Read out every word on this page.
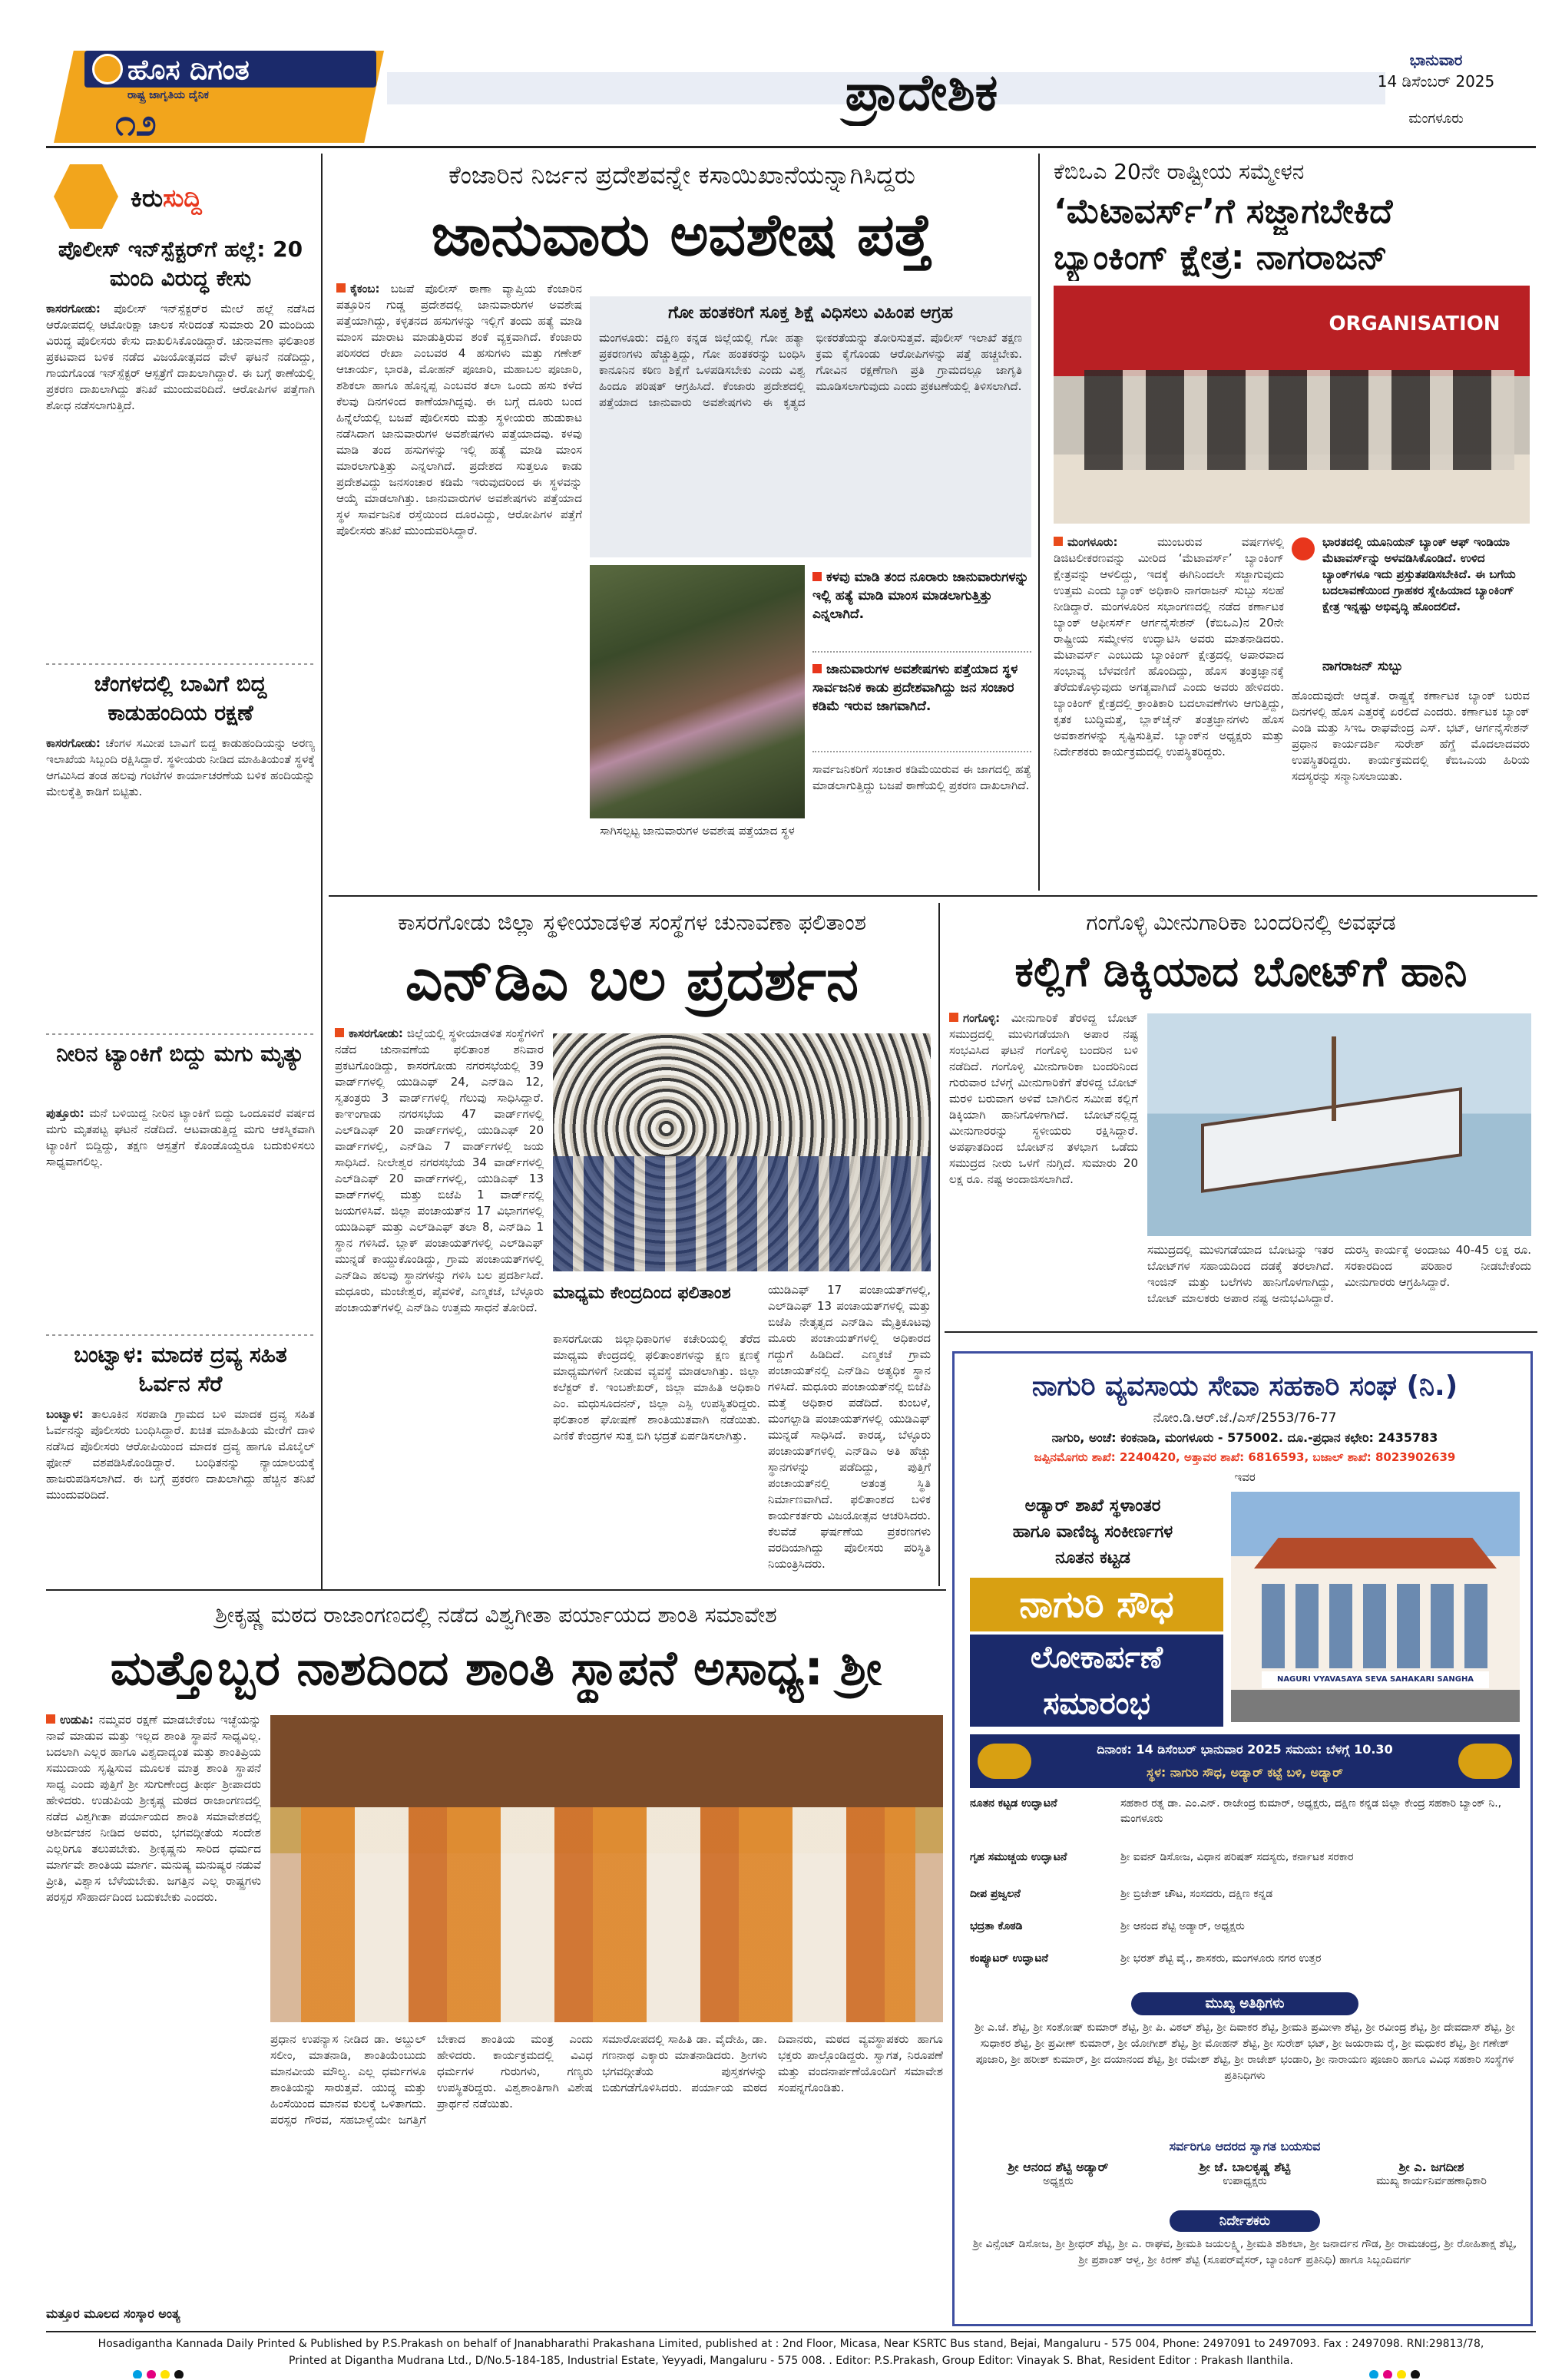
ಹೊಸ ದಿಗಂತ
ರಾಷ್ಟ್ರ ಜಾಗೃತಿಯ ದೈನಿಕ
೧೨
ಪ್ರಾದೇಶಿಕ
ಭಾನುವಾರ
14 ಡಿಸೆಂಬರ್ 2025
ಮಂಗಳೂರು
ಕಿರುಸುದ್ದಿ
ಪೊಲೀಸ್ ಇನ್‌ಸ್ಪೆಕ್ಟರ್‌ಗೆ ಹಲ್ಲೆ: 20 ಮಂದಿ ವಿರುದ್ಧ ಕೇಸು
ಕಾಸರಗೋಡು: ಪೊಲೀಸ್ ಇನ್‌ಸ್ಪೆಕ್ಟರ್‌ರ ಮೇಲೆ ಹಲ್ಲೆ ನಡೆಸಿದ ಆರೋಪದಲ್ಲಿ ಆಟೋರಿಕ್ಷಾ ಚಾಲಕ ಸೇರಿದಂತೆ ಸುಮಾರು 20 ಮಂದಿಯ ವಿರುದ್ಧ ಪೊಲೀಸರು ಕೇಸು ದಾಖಲಿಸಿಕೊಂಡಿದ್ದಾರೆ. ಚುನಾವಣಾ ಫಲಿತಾಂಶ ಪ್ರಕಟವಾದ ಬಳಿಕ ನಡೆದ ವಿಜಯೋತ್ಸವದ ವೇಳೆ ಘಟನೆ ನಡೆದಿದ್ದು, ಗಾಯಗೊಂಡ ಇನ್‌ಸ್ಪೆಕ್ಟರ್ ಆಸ್ಪತ್ರೆಗೆ ದಾಖಲಾಗಿದ್ದಾರೆ. ಈ ಬಗ್ಗೆ ಠಾಣೆಯಲ್ಲಿ ಪ್ರಕರಣ ದಾಖಲಾಗಿದ್ದು ತನಿಖೆ ಮುಂದುವರಿದಿದೆ. ಆರೋಪಿಗಳ ಪತ್ತೆಗಾಗಿ ಶೋಧ ನಡೆಸಲಾಗುತ್ತಿದೆ.
ಚೆಂಗಳದಲ್ಲಿ ಬಾವಿಗೆ ಬಿದ್ದ ಕಾಡುಹಂದಿಯ ರಕ್ಷಣೆ
ಕಾಸರಗೋಡು: ಚೆಂಗಳ ಸಮೀಪ ಬಾವಿಗೆ ಬಿದ್ದ ಕಾಡುಹಂದಿಯನ್ನು ಅರಣ್ಯ ಇಲಾಖೆಯ ಸಿಬ್ಬಂದಿ ರಕ್ಷಿಸಿದ್ದಾರೆ. ಸ್ಥಳೀಯರು ನೀಡಿದ ಮಾಹಿತಿಯಂತೆ ಸ್ಥಳಕ್ಕೆ ಆಗಮಿಸಿದ ತಂಡ ಹಲವು ಗಂಟೆಗಳ ಕಾರ್ಯಾಚರಣೆಯ ಬಳಿಕ ಹಂದಿಯನ್ನು ಮೇಲಕ್ಕೆತ್ತಿ ಕಾಡಿಗೆ ಬಿಟ್ಟಿತು.
ನೀರಿನ ಟ್ಯಾಂಕಿಗೆ ಬಿದ್ದು ಮಗು ಮೃತ್ಯು
ಪುತ್ತೂರು: ಮನೆ ಬಳಿಯಿದ್ದ ನೀರಿನ ಟ್ಯಾಂಕಿಗೆ ಬಿದ್ದು ಒಂದೂವರೆ ವರ್ಷದ ಮಗು ಮೃತಪಟ್ಟ ಘಟನೆ ನಡೆದಿದೆ. ಆಟವಾಡುತ್ತಿದ್ದ ಮಗು ಆಕಸ್ಮಿಕವಾಗಿ ಟ್ಯಾಂಕಿಗೆ ಬಿದ್ದಿದ್ದು, ತಕ್ಷಣ ಆಸ್ಪತ್ರೆಗೆ ಕೊಂಡೊಯ್ದರೂ ಬದುಕುಳಿಸಲು ಸಾಧ್ಯವಾಗಲಿಲ್ಲ.
ಬಂಟ್ವಾಳ: ಮಾದಕ ದ್ರವ್ಯ ಸಹಿತ ಓರ್ವನ ಸೆರೆ
ಬಂಟ್ವಾಳ: ತಾಲೂಕಿನ ಸರಪಾಡಿ ಗ್ರಾಮದ ಬಳಿ ಮಾದಕ ದ್ರವ್ಯ ಸಹಿತ ಓರ್ವನನ್ನು ಪೊಲೀಸರು ಬಂಧಿಸಿದ್ದಾರೆ. ಖಚಿತ ಮಾಹಿತಿಯ ಮೇರೆಗೆ ದಾಳಿ ನಡೆಸಿದ ಪೊಲೀಸರು ಆರೋಪಿಯಿಂದ ಮಾದಕ ದ್ರವ್ಯ ಹಾಗೂ ಮೊಬೈಲ್ ಫೋನ್ ವಶಪಡಿಸಿಕೊಂಡಿದ್ದಾರೆ. ಬಂಧಿತನನ್ನು ನ್ಯಾಯಾಲಯಕ್ಕೆ ಹಾಜರುಪಡಿಸಲಾಗಿದೆ. ಈ ಬಗ್ಗೆ ಪ್ರಕರಣ ದಾಖಲಾಗಿದ್ದು ಹೆಚ್ಚಿನ ತನಿಖೆ ಮುಂದುವರಿದಿದೆ.
ಕೆಂಜಾರಿನ ನಿರ್ಜನ ಪ್ರದೇಶವನ್ನೇ ಕಸಾಯಿಖಾನೆಯನ್ನಾಗಿಸಿದ್ದರು
ಜಾನುವಾರು ಅವಶೇಷ ಪತ್ತೆ
ಕೈಕಂಬ: ಬಜಪೆ ಪೊಲೀಸ್ ಠಾಣಾ ವ್ಯಾಪ್ತಿಯ ಕೆಂಜಾರಿನ ಪತ್ತೂರಿನ ಗುಡ್ಡ ಪ್ರದೇಶದಲ್ಲಿ ಜಾನುವಾರುಗಳ ಅವಶೇಷ ಪತ್ತೆಯಾಗಿದ್ದು, ಕಳ್ಳತನದ ಹಸುಗಳನ್ನು ಇಲ್ಲಿಗೆ ತಂದು ಹತ್ಯೆ ಮಾಡಿ ಮಾಂಸ ಮಾರಾಟ ಮಾಡುತ್ತಿರುವ ಶಂಕೆ ವ್ಯಕ್ತವಾಗಿದೆ. ಕೆಂಜಾರು ಪರಿಸರದ ರೇಖಾ ಎಂಬವರ 4 ಹಸುಗಳು ಮತ್ತು ಗಣೇಶ್ ಆಚಾರ್ಯ, ಭಾರತಿ, ಮೋಹನ್ ಪೂಜಾರಿ, ಮಹಾಬಲ ಪೂಜಾರಿ, ಶಶಿಕಲಾ ಹಾಗೂ ಹೊನ್ನಪ್ಪ ಎಂಬವರ ತಲಾ ಒಂದು ಹಸು ಕಳೆದ ಕೆಲವು ದಿನಗಳಿಂದ ಕಾಣೆಯಾಗಿದ್ದವು. ಈ ಬಗ್ಗೆ ದೂರು ಬಂದ ಹಿನ್ನೆಲೆಯಲ್ಲಿ ಬಜಪೆ ಪೊಲೀಸರು ಮತ್ತು ಸ್ಥಳೀಯರು ಹುಡುಕಾಟ ನಡೆಸಿದಾಗ ಜಾನುವಾರುಗಳ ಅವಶೇಷಗಳು ಪತ್ತೆಯಾದವು. ಕಳವು ಮಾಡಿ ತಂದ ಹಸುಗಳನ್ನು ಇಲ್ಲಿ ಹತ್ಯೆ ಮಾಡಿ ಮಾಂಸ ಮಾರಲಾಗುತ್ತಿತ್ತು ಎನ್ನಲಾಗಿದೆ. ಪ್ರದೇಶದ ಸುತ್ತಲೂ ಕಾಡು ಪ್ರದೇಶವಿದ್ದು ಜನಸಂಚಾರ ಕಡಿಮೆ ಇರುವುದರಿಂದ ಈ ಸ್ಥಳವನ್ನು ಆಯ್ಕೆ ಮಾಡಲಾಗಿತ್ತು. ಜಾನುವಾರುಗಳ ಅವಶೇಷಗಳು ಪತ್ತೆಯಾದ ಸ್ಥಳ ಸಾರ್ವಜನಿಕ ರಸ್ತೆಯಿಂದ ದೂರವಿದ್ದು, ಆರೋಪಿಗಳ ಪತ್ತೆಗೆ ಪೊಲೀಸರು ತನಿಖೆ ಮುಂದುವರಿಸಿದ್ದಾರೆ.
ಗೋ ಹಂತಕರಿಗೆ ಸೂಕ್ತ ಶಿಕ್ಷೆ ವಿಧಿಸಲು ವಿಹಿಂಪ ಆಗ್ರಹ
ಮಂಗಳೂರು: ದಕ್ಷಿಣ ಕನ್ನಡ ಜಿಲ್ಲೆಯಲ್ಲಿ ಗೋ ಹತ್ಯಾ ಪ್ರಕರಣಗಳು ಹೆಚ್ಚುತ್ತಿದ್ದು, ಗೋ ಹಂತಕರನ್ನು ಬಂಧಿಸಿ ಕಾನೂನಿನ ಕಠಿಣ ಶಿಕ್ಷೆಗೆ ಒಳಪಡಿಸಬೇಕು ಎಂದು ವಿಶ್ವ ಹಿಂದೂ ಪರಿಷತ್ ಆಗ್ರಹಿಸಿದೆ. ಕೆಂಜಾರು ಪ್ರದೇಶದಲ್ಲಿ ಪತ್ತೆಯಾದ ಜಾನುವಾರು ಅವಶೇಷಗಳು ಈ ಕೃತ್ಯದ ಭೀಕರತೆಯನ್ನು ತೋರಿಸುತ್ತವೆ. ಪೊಲೀಸ್ ಇಲಾಖೆ ತಕ್ಷಣ ಕ್ರಮ ಕೈಗೊಂಡು ಆರೋಪಿಗಳನ್ನು ಪತ್ತೆ ಹಚ್ಚಬೇಕು. ಗೋವಿನ ರಕ್ಷಣೆಗಾಗಿ ಪ್ರತಿ ಗ್ರಾಮದಲ್ಲೂ ಜಾಗೃತಿ ಮೂಡಿಸಲಾಗುವುದು ಎಂದು ಪ್ರಕಟಣೆಯಲ್ಲಿ ತಿಳಿಸಲಾಗಿದೆ.
ಸಾಗಿಸಲ್ಪಟ್ಟ ಜಾನುವಾರುಗಳ ಅವಶೇಷ ಪತ್ತೆಯಾದ ಸ್ಥಳ
ಕಳವು ಮಾಡಿ ತಂದ ನೂರಾರು ಜಾನುವಾರುಗಳನ್ನು ಇಲ್ಲಿ ಹತ್ಯೆ ಮಾಡಿ ಮಾಂಸ ಮಾಡಲಾಗುತ್ತಿತ್ತು ಎನ್ನಲಾಗಿದೆ.
ಜಾನುವಾರುಗಳ ಅವಶೇಷಗಳು ಪತ್ತೆಯಾದ ಸ್ಥಳ ಸಾರ್ವಜನಿಕ ಕಾಡು ಪ್ರದೇಶವಾಗಿದ್ದು ಜನ ಸಂಚಾರ ಕಡಿಮೆ ಇರುವ ಜಾಗವಾಗಿದೆ.
ಸಾರ್ವಜನಿಕರಿಗೆ ಸಂಚಾರ ಕಡಿಮೆಯಿರುವ ಈ ಜಾಗದಲ್ಲಿ ಹತ್ಯೆ ಮಾಡಲಾಗುತ್ತಿದ್ದು ಬಜಪೆ ಠಾಣೆಯಲ್ಲಿ ಪ್ರಕರಣ ದಾಖಲಾಗಿದೆ.
ಕೆಬಿಒಎ 20ನೇ ರಾಷ್ಟ್ರೀಯ ಸಮ್ಮೇಳನ
‘ಮೆಟಾವರ್ಸ್’ಗೆ ಸಜ್ಜಾಗಬೇಕಿದೆ
ಬ್ಯಾಂಕಿಂಗ್ ಕ್ಷೇತ್ರ: ನಾಗರಾಜನ್
ORGANISATION
ಮಂಗಳೂರು:	ಮುಂಬರುವ ವರ್ಷಗಳಲ್ಲಿ ಡಿಜಿಟಲೀಕರಣವನ್ನು ಮೀರಿದ ‘ಮೆಟಾವರ್ಸ್’ ಬ್ಯಾಂಕಿಂಗ್ ಕ್ಷೇತ್ರವನ್ನು ಆಳಲಿದ್ದು, ಇದಕ್ಕೆ ಈಗಿನಿಂದಲೇ ಸಜ್ಜಾಗುವುದು ಉತ್ತಮ ಎಂದು ಬ್ಯಾಂಕ್ ಅಧಿಕಾರಿ ನಾಗರಾಜನ್ ಸುಬ್ಬು ಸಲಹೆ ನೀಡಿದ್ದಾರೆ. ಮಂಗಳೂರಿನ ಸಭಾಂಗಣದಲ್ಲಿ ನಡೆದ ಕರ್ಣಾಟಕ ಬ್ಯಾಂಕ್ ಆಫೀಸರ್ಸ್ ಆರ್ಗನೈಸೇಶನ್ (ಕೆಬಿಒಎ)ನ 20ನೇ ರಾಷ್ಟ್ರೀಯ ಸಮ್ಮೇಳನ ಉದ್ಘಾಟಿಸಿ ಅವರು ಮಾತನಾಡಿದರು. ಮೆಟಾವರ್ಸ್ ಎಂಬುದು ಬ್ಯಾಂಕಿಂಗ್ ಕ್ಷೇತ್ರದಲ್ಲಿ ಅಪಾರವಾದ ಸಂಭಾವ್ಯ ಬೆಳವಣಿಗೆ ಹೊಂದಿದ್ದು, ಹೊಸ ತಂತ್ರಜ್ಞಾನಕ್ಕೆ ತೆರೆದುಕೊಳ್ಳುವುದು ಅಗತ್ಯವಾಗಿದೆ ಎಂದು ಅವರು ಹೇಳಿದರು. ಬ್ಯಾಂಕಿಂಗ್ ಕ್ಷೇತ್ರದಲ್ಲಿ ಕ್ರಾಂತಿಕಾರಿ ಬದಲಾವಣೆಗಳು ಆಗುತ್ತಿದ್ದು, ಕೃತಕ ಬುದ್ಧಿಮತ್ತೆ, ಬ್ಲಾಕ್‌ಚೈನ್ ತಂತ್ರಜ್ಞಾನಗಳು ಹೊಸ ಅವಕಾಶಗಳನ್ನು ಸೃಷ್ಟಿಸುತ್ತಿವೆ. ಬ್ಯಾಂಕ್‌ನ ಅಧ್ಯಕ್ಷರು ಮತ್ತು ನಿರ್ದೇಶಕರು ಕಾರ್ಯಕ್ರಮದಲ್ಲಿ ಉಪಸ್ಥಿತರಿದ್ದರು.
ಭಾರತದಲ್ಲಿ ಯೂನಿಯನ್ ಬ್ಯಾಂಕ್ ಆಫ್ ಇಂಡಿಯಾ ಮೆಟಾವರ್ಸ್‌ನ್ನು ಅಳವಡಿಸಿಕೊಂಡಿದೆ. ಉಳಿದ ಬ್ಯಾಂಕ್‌ಗಳೂ ಇದು ಪ್ರಸ್ತುತಪಡಿಸಬೇಕಿದೆ. ಈ ಬಗೆಯ ಬದಲಾವಣೆಯಿಂದ ಗ್ರಾಹಕರ ಸ್ನೇಹಿಯಾದ ಬ್ಯಾಂಕಿಂಗ್ ಕ್ಷೇತ್ರ ಇನ್ನಷ್ಟು ಅಭಿವೃದ್ಧಿ ಹೊಂದಲಿದೆ.
ನಾಗರಾಜನ್ ಸುಬ್ಬು
ಹೊಂದುವುದೇ ಆದ್ಯತೆ. ರಾಷ್ಟ್ರಕ್ಕೆ ಕರ್ಣಾಟಕ ಬ್ಯಾಂಕ್ ಬರುವ ದಿನಗಳಲ್ಲಿ ಹೊಸ ಎತ್ತರಕ್ಕೆ ಏರಲಿದೆ ಎಂದರು. ಕರ್ಣಾಟಕ ಬ್ಯಾಂಕ್ ಎಂಡಿ ಮತ್ತು ಸಿಇಒ ರಾಘವೇಂದ್ರ ಎಸ್. ಭಟ್, ಆರ್ಗನೈಸೇಶನ್ ಪ್ರಧಾನ ಕಾರ್ಯದರ್ಶಿ ಸುರೇಶ್ ಹೆಗ್ಡೆ ಮೊದಲಾದವರು ಉಪಸ್ಥಿತರಿದ್ದರು. ಕಾರ್ಯಕ್ರಮದಲ್ಲಿ ಕೆಬಿಒಎಯ ಹಿರಿಯ ಸದಸ್ಯರನ್ನು ಸನ್ಮಾನಿಸಲಾಯಿತು.
ಕಾಸರಗೋಡು ಜಿಲ್ಲಾ ಸ್ಥಳೀಯಾಡಳಿತ ಸಂಸ್ಥೆಗಳ ಚುನಾವಣಾ ಫಲಿತಾಂಶ
ಎನ್‌ಡಿಎ ಬಲ ಪ್ರದರ್ಶನ
ಕಾಸರಗೋಡು: ಜಿಲ್ಲೆಯಲ್ಲಿ ಸ್ಥಳೀಯಾಡಳಿತ ಸಂಸ್ಥೆಗಳಿಗೆ ನಡೆದ ಚುನಾವಣೆಯ ಫಲಿತಾಂಶ ಶನಿವಾರ ಪ್ರಕಟಗೊಂಡಿದ್ದು, ಕಾಸರಗೋಡು ನಗರಸಭೆಯಲ್ಲಿ 39 ವಾರ್ಡ್‌ಗಳಲ್ಲಿ ಯುಡಿಎಫ್ 24, ಎನ್‌ಡಿಎ 12, ಸ್ವತಂತ್ರರು 3 ವಾರ್ಡ್‌ಗಳಲ್ಲಿ ಗೆಲುವು ಸಾಧಿಸಿದ್ದಾರೆ. ಕಾಞಂಗಾಡು ನಗರಸಭೆಯ 47 ವಾರ್ಡ್‌ಗಳಲ್ಲಿ ಎಲ್‌ಡಿಎಫ್ 20 ವಾರ್ಡ್‌ಗಳಲ್ಲಿ, ಯುಡಿಎಫ್ 20 ವಾರ್ಡ್‌ಗಳಲ್ಲಿ, ಎನ್‌ಡಿಎ 7 ವಾರ್ಡ್‌ಗಳಲ್ಲಿ ಜಯ ಸಾಧಿಸಿದೆ. ನೀಲೇಶ್ವರ ನಗರಸಭೆಯ 34 ವಾರ್ಡ್‌ಗಳಲ್ಲಿ ಎಲ್‌ಡಿಎಫ್ 20 ವಾರ್ಡ್‌ಗಳಲ್ಲಿ, ಯುಡಿಎಫ್ 13 ವಾರ್ಡ್‌ಗಳಲ್ಲಿ ಮತ್ತು ಬಿಜೆಪಿ 1 ವಾರ್ಡ್‌ನಲ್ಲಿ ಜಯಗಳಿಸಿವೆ. ಜಿಲ್ಲಾ ಪಂಚಾಯತ್‌ನ 17 ವಿಭಾಗಗಳಲ್ಲಿ ಯುಡಿಎಫ್ ಮತ್ತು ಎಲ್‌ಡಿಎಫ್ ತಲಾ 8, ಎನ್‌ಡಿಎ 1 ಸ್ಥಾನ ಗಳಿಸಿದೆ. ಬ್ಲಾಕ್ ಪಂಚಾಯತ್‌ಗಳಲ್ಲಿ ಎಲ್‌ಡಿಎಫ್ ಮುನ್ನಡೆ ಕಾಯ್ದುಕೊಂಡಿದ್ದು, ಗ್ರಾಮ ಪಂಚಾಯತ್‌ಗಳಲ್ಲಿ ಎನ್‌ಡಿಎ ಹಲವು ಸ್ಥಾನಗಳನ್ನು ಗಳಿಸಿ ಬಲ ಪ್ರದರ್ಶಿಸಿದೆ. ಮಧೂರು, ಮಂಜೇಶ್ವರ, ಪೈವಳಿಕೆ, ಎಣ್ಮಕಜೆ, ಬೆಳ್ಳೂರು ಪಂಚಾಯತ್‌ಗಳಲ್ಲಿ ಎನ್‌ಡಿಎ ಉತ್ತಮ ಸಾಧನೆ ತೋರಿದೆ.
ಮಾಧ್ಯಮ ಕೇಂದ್ರದಿಂದ ಫಲಿತಾಂಶ
ಕಾಸರಗೋಡು ಜಿಲ್ಲಾಧಿಕಾರಿಗಳ ಕಚೇರಿಯಲ್ಲಿ ತೆರೆದ ಮಾಧ್ಯಮ ಕೇಂದ್ರದಲ್ಲಿ ಫಲಿತಾಂಶಗಳನ್ನು ಕ್ಷಣ ಕ್ಷಣಕ್ಕೆ ಮಾಧ್ಯಮಗಳಿಗೆ ನೀಡುವ ವ್ಯವಸ್ಥೆ ಮಾಡಲಾಗಿತ್ತು. ಜಿಲ್ಲಾ ಕಲೆಕ್ಟರ್ ಕೆ. ಇಂಬಶೇಖರ್, ಜಿಲ್ಲಾ ಮಾಹಿತಿ ಅಧಿಕಾರಿ ಎಂ. ಮಧುಸೂದನನ್, ಜಿಲ್ಲಾ ಎಸ್ಪಿ ಉಪಸ್ಥಿತರಿದ್ದರು. ಫಲಿತಾಂಶ ಘೋಷಣೆ ಶಾಂತಿಯುತವಾಗಿ ನಡೆಯಿತು. ಎಣಿಕೆ ಕೇಂದ್ರಗಳ ಸುತ್ತ ಬಿಗಿ ಭದ್ರತೆ ಏರ್ಪಡಿಸಲಾಗಿತ್ತು.
ಯುಡಿಎಫ್ 17 ಪಂಚಾಯತ್‌ಗಳಲ್ಲಿ, ಎಲ್‌ಡಿಎಫ್ 13 ಪಂಚಾಯತ್‌ಗಳಲ್ಲಿ ಮತ್ತು ಬಿಜೆಪಿ ನೇತೃತ್ವದ ಎನ್‌ಡಿಎ ಮೈತ್ರಿಕೂಟವು ಮೂರು ಪಂಚಾಯತ್‌ಗಳಲ್ಲಿ ಅಧಿಕಾರದ ಗದ್ದುಗೆ ಹಿಡಿದಿದೆ. ಎಣ್ಮಕಜೆ ಗ್ರಾಮ ಪಂಚಾಯತ್‌ನಲ್ಲಿ ಎನ್‌ಡಿಎ ಅತ್ಯಧಿಕ ಸ್ಥಾನ ಗಳಿಸಿದೆ. ಮಧೂರು ಪಂಚಾಯತ್‌ನಲ್ಲಿ ಬಿಜೆಪಿ ಮತ್ತೆ ಅಧಿಕಾರ ಪಡೆದಿದೆ. ಕುಂಬಳೆ, ಮಂಗಲ್ಪಾಡಿ ಪಂಚಾಯತ್‌ಗಳಲ್ಲಿ ಯುಡಿಎಫ್ ಮುನ್ನಡೆ ಸಾಧಿಸಿದೆ. ಕಾರಡ್ಕ, ಬೆಳ್ಳೂರು ಪಂಚಾಯತ್‌ಗಳಲ್ಲಿ ಎನ್‌ಡಿಎ ಅತಿ ಹೆಚ್ಚು ಸ್ಥಾನಗಳನ್ನು ಪಡೆದಿದ್ದು, ಪುತ್ತಿಗೆ ಪಂಚಾಯತ್‌ನಲ್ಲಿ ಅತಂತ್ರ ಸ್ಥಿತಿ ನಿರ್ಮಾಣವಾಗಿದೆ. ಫಲಿತಾಂಶದ ಬಳಿಕ ಕಾರ್ಯಕರ್ತರು ವಿಜಯೋತ್ಸವ ಆಚರಿಸಿದರು. ಕೆಲವೆಡೆ ಘರ್ಷಣೆಯ ಪ್ರಕರಣಗಳು ವರದಿಯಾಗಿದ್ದು ಪೊಲೀಸರು ಪರಿಸ್ಥಿತಿ ನಿಯಂತ್ರಿಸಿದರು.
ಗಂಗೊಳ್ಳಿ ಮೀನುಗಾರಿಕಾ ಬಂದರಿನಲ್ಲಿ ಅವಘಡ
ಕಲ್ಲಿಗೆ ಡಿಕ್ಕಿಯಾದ ಬೋಟ್‌ಗೆ ಹಾನಿ
ಗಂಗೊಳ್ಳಿ: ಮೀನುಗಾರಿಕೆ ತೆರಳಿದ್ದ ಬೋಟ್ ಸಮುದ್ರದಲ್ಲಿ ಮುಳುಗಡೆಯಾಗಿ ಅಪಾರ ನಷ್ಟ ಸಂಭವಿಸಿದ ಘಟನೆ ಗಂಗೊಳ್ಳಿ ಬಂದರಿನ ಬಳಿ ನಡೆದಿದೆ. ಗಂಗೊಳ್ಳಿ ಮೀನುಗಾರಿಕಾ ಬಂದರಿನಿಂದ ಗುರುವಾರ ಬೆಳಗ್ಗೆ ಮೀನುಗಾರಿಕೆಗೆ ತೆರಳಿದ್ದ ಬೋಟ್ ಮರಳಿ ಬರುವಾಗ ಅಳಿವೆ ಬಾಗಿಲಿನ ಸಮೀಪ ಕಲ್ಲಿಗೆ ಡಿಕ್ಕಿಯಾಗಿ ಹಾನಿಗೊಳಗಾಗಿದೆ. ಬೋಟ್‌ನಲ್ಲಿದ್ದ ಮೀನುಗಾರರನ್ನು ಸ್ಥಳೀಯರು ರಕ್ಷಿಸಿದ್ದಾರೆ. ಅಪಘಾತದಿಂದ ಬೋಟ್‌ನ ತಳಭಾಗ ಒಡೆದು ಸಮುದ್ರದ ನೀರು ಒಳಗೆ ನುಗ್ಗಿದೆ. ಸುಮಾರು 20 ಲಕ್ಷ ರೂ. ನಷ್ಟ ಅಂದಾಜಿಸಲಾಗಿದೆ.
ಸಮುದ್ರದಲ್ಲಿ ಮುಳುಗಡೆಯಾದ ಬೋಟನ್ನು ಇತರ ಬೋಟ್‌ಗಳ ಸಹಾಯದಿಂದ ದಡಕ್ಕೆ ತರಲಾಗಿದೆ. ಇಂಜಿನ್ ಮತ್ತು ಬಲೆಗಳು ಹಾನಿಗೊಳಗಾಗಿದ್ದು, ಬೋಟ್ ಮಾಲಕರು ಅಪಾರ ನಷ್ಟ ಅನುಭವಿಸಿದ್ದಾರೆ. ದುರಸ್ತಿ ಕಾರ್ಯಕ್ಕೆ ಅಂದಾಜು 40-45 ಲಕ್ಷ ರೂ. ಸರಕಾರದಿಂದ ಪರಿಹಾರ ನೀಡಬೇಕೆಂದು ಮೀನುಗಾರರು ಆಗ್ರಹಿಸಿದ್ದಾರೆ.
ನಾಗುರಿ ವ್ಯವಸಾಯ ಸೇವಾ ಸಹಕಾರಿ ಸಂಘ (ನಿ.)
ನೋಂ.ಡಿ.ಆರ್.ಜೆ./ಎಸ್/2553/76-77
ನಾಗುರಿ, ಅಂಚೆ: ಕಂಕನಾಡಿ, ಮಂಗಳೂರು - 575002. ದೂ.-ಪ್ರಧಾನ ಕಛೇರಿ: 2435783
ಜಪ್ಪಿನಮೊಗರು ಶಾಖೆ: 2240420, ಅತ್ತಾವರ ಶಾಖೆ: 6816593, ಬಜಾಲ್ ಶಾಖೆ: 8023902639
ಇವರ
ಅಡ್ಯಾರ್ ಶಾಖೆ ಸ್ಥಳಾಂತರ
ಹಾಗೂ ವಾಣಿಜ್ಯ ಸಂಕೀರ್ಣಗಳ
ನೂತನ ಕಟ್ಟಡ
ನಾಗುರಿ ಸೌಧ
ಲೋಕಾರ್ಪಣೆ
ಸಮಾರಂಭ
NAGURI VYAVASAYA SEVA SAHAKARI SANGHA
ದಿನಾಂಕ: 14 ಡಿಸೆಂಬರ್ ಭಾನುವಾರ 2025 ಸಮಯ: ಬೆಳಗ್ಗೆ 10.30
ಸ್ಥಳ: ನಾಗುರಿ ಸೌಧ, ಅಡ್ಯಾರ್ ಕಟ್ಟೆ ಬಳಿ, ಅಡ್ಯಾರ್
ನೂತನ ಕಟ್ಟಡ ಉದ್ಘಾಟನೆ	ಸಹಕಾರ ರತ್ನ ಡಾ. ಎಂ.ಎನ್. ರಾಜೇಂದ್ರ ಕುಮಾರ್, ಅಧ್ಯಕ್ಷರು, ದಕ್ಷಿಣ ಕನ್ನಡ ಜಿಲ್ಲಾ ಕೇಂದ್ರ ಸಹಕಾರಿ ಬ್ಯಾಂಕ್ ನಿ., ಮಂಗಳೂರು
ಗೃಹ ಸಮುಚ್ಚಯ ಉದ್ಘಾಟನೆ	ಶ್ರೀ ಐವನ್ ಡಿಸೋಜ, ವಿಧಾನ ಪರಿಷತ್ ಸದಸ್ಯರು, ಕರ್ನಾಟಕ ಸರಕಾರ
ದೀಪ ಪ್ರಜ್ವಲನೆ	ಶ್ರೀ ಬ್ರಿಜೇಶ್ ಚೌಟ, ಸಂಸದರು, ದಕ್ಷಿಣ ಕನ್ನಡ
ಭದ್ರತಾ ಕೊಠಡಿ	ಶ್ರೀ ಆನಂದ ಶೆಟ್ಟಿ ಅಡ್ಯಾರ್, ಅಧ್ಯಕ್ಷರು
ಕಂಪ್ಯೂಟರ್ ಉದ್ಘಾಟನೆ	ಶ್ರೀ ಭರತ್ ಶೆಟ್ಟಿ ವೈ., ಶಾಸಕರು, ಮಂಗಳೂರು ನಗರ ಉತ್ತರ
ಮುಖ್ಯ ಅತಿಥಿಗಳು
ಶ್ರೀ ಎ.ಜೆ. ಶೆಟ್ಟಿ, ಶ್ರೀ ಸಂತೋಷ್ ಕುಮಾರ್ ಶೆಟ್ಟಿ, ಶ್ರೀ ಪಿ. ವಿಠಲ್ ಶೆಟ್ಟಿ, ಶ್ರೀ ದಿವಾಕರ ಶೆಟ್ಟಿ, ಶ್ರೀಮತಿ ಪ್ರಮೀಳಾ ಶೆಟ್ಟಿ, ಶ್ರೀ ರವೀಂದ್ರ ಶೆಟ್ಟಿ, ಶ್ರೀ ದೇವದಾಸ್ ಶೆಟ್ಟಿ, ಶ್ರೀ ಸುಧಾಕರ ಶೆಟ್ಟಿ, ಶ್ರೀ ಪ್ರವೀಣ್ ಕುಮಾರ್, ಶ್ರೀ ಯೋಗೀಶ್ ಶೆಟ್ಟಿ, ಶ್ರೀ ಮೋಹನ್ ಶೆಟ್ಟಿ, ಶ್ರೀ ಸುರೇಶ್ ಭಟ್, ಶ್ರೀ ಜಯರಾಮ ರೈ, ಶ್ರೀ ಮಧುಕರ ಶೆಟ್ಟಿ, ಶ್ರೀ ಗಣೇಶ್ ಪೂಜಾರಿ, ಶ್ರೀ ಹರೀಶ್ ಕುಮಾರ್, ಶ್ರೀ ದಯಾನಂದ ಶೆಟ್ಟಿ, ಶ್ರೀ ರಮೇಶ್ ಶೆಟ್ಟಿ, ಶ್ರೀ ರಾಜೇಶ್ ಭಂಡಾರಿ, ಶ್ರೀ ನಾರಾಯಣ ಪೂಜಾರಿ ಹಾಗೂ ವಿವಿಧ ಸಹಕಾರಿ ಸಂಸ್ಥೆಗಳ ಪ್ರತಿನಿಧಿಗಳು
ಸರ್ವರಿಗೂ ಆದರದ ಸ್ವಾಗತ ಬಯಸುವ
ಶ್ರೀ ಆನಂದ ಶೆಟ್ಟಿ ಅಡ್ಯಾರ್
ಅಧ್ಯಕ್ಷರು
ಶ್ರೀ ಜೆ. ಬಾಲಕೃಷ್ಣ ಶೆಟ್ಟಿ
ಉಪಾಧ್ಯಕ್ಷರು
ಶ್ರೀ ಎ. ಜಗದೀಶ
ಮುಖ್ಯ ಕಾರ್ಯನಿರ್ವಹಣಾಧಿಕಾರಿ
ನಿರ್ದೇಶಕರು
ಶ್ರೀ ವಿನ್ಸೆಂಟ್ ಡಿಸೋಜ, ಶ್ರೀ ಶ್ರೀಧರ್ ಶೆಟ್ಟಿ, ಶ್ರೀ ಎ. ರಾಘವ, ಶ್ರೀಮತಿ ಜಯಲಕ್ಷ್ಮಿ, ಶ್ರೀಮತಿ ಶಶಿಕಲಾ, ಶ್ರೀ ಜನಾರ್ದನ ಗೌಡ, ಶ್ರೀ ರಾಮಚಂದ್ರ, ಶ್ರೀ ರೋಹಿತಾಕ್ಷ ಶೆಟ್ಟಿ, ಶ್ರೀ ಪ್ರಶಾಂತ್ ಆಳ್ವ, ಶ್ರೀ ಕಿರಣ್ ಶೆಟ್ಟಿ (ಸೂಪರ್‌ವೈಸರ್, ಬ್ಯಾಂಕಿಂಗ್ ಪ್ರತಿನಿಧಿ) ಹಾಗೂ ಸಿಬ್ಬಂದಿವರ್ಗ
ಶ್ರೀಕೃಷ್ಣ ಮಠದ ರಾಜಾಂಗಣದಲ್ಲಿ ನಡೆದ ವಿಶ್ವಗೀತಾ ಪರ್ಯಾಯದ ಶಾಂತಿ ಸಮಾವೇಶ
ಮತ್ತೊಬ್ಬರ ನಾಶದಿಂದ ಶಾಂತಿ ಸ್ಥಾಪನೆ ಅಸಾಧ್ಯ: ಶ್ರೀ
ಉಡುಪಿ: ನಮ್ಮವರ ರಕ್ಷಣೆ ಮಾಡಬೇಕೆಂಬ ಇಚ್ಛೆಯನ್ನು ನಾವೆ ಮಾಡುವ ಮತ್ತು ಇಲ್ಲದ ಶಾಂತಿ ಸ್ಥಾಪನೆ ಸಾಧ್ಯವಿಲ್ಲ. ಬದಲಾಗಿ ಎಲ್ಲರ ಹಾಗೂ ವಿಶ್ವದಾದ್ಯಂತ ಮತ್ತು ಶಾಂತಿಪ್ರಿಯ ಸಮುದಾಯ ಸೃಷ್ಟಿಸುವ ಮೂಲಕ ಮಾತ್ರ ಶಾಂತಿ ಸ್ಥಾಪನೆ ಸಾಧ್ಯ ಎಂದು ಪುತ್ತಿಗೆ ಶ್ರೀ ಸುಗುಣೇಂದ್ರ ತೀರ್ಥ ಶ್ರೀಪಾದರು ಹೇಳಿದರು. ಉಡುಪಿಯ ಶ್ರೀಕೃಷ್ಣ ಮಠದ ರಾಜಾಂಗಣದಲ್ಲಿ ನಡೆದ ವಿಶ್ವಗೀತಾ ಪರ್ಯಾಯದ ಶಾಂತಿ ಸಮಾವೇಶದಲ್ಲಿ ಆಶೀರ್ವಚನ ನೀಡಿದ ಅವರು, ಭಗವದ್ಗೀತೆಯ ಸಂದೇಶ ಎಲ್ಲರಿಗೂ ತಲುಪಬೇಕು. ಶ್ರೀಕೃಷ್ಣನು ಸಾರಿದ ಧರ್ಮದ ಮಾರ್ಗವೇ ಶಾಂತಿಯ ಮಾರ್ಗ. ಮನುಷ್ಯ ಮನುಷ್ಯರ ನಡುವೆ ಪ್ರೀತಿ, ವಿಶ್ವಾಸ ಬೆಳೆಯಬೇಕು. ಜಗತ್ತಿನ ಎಲ್ಲ ರಾಷ್ಟ್ರಗಳು ಪರಸ್ಪರ ಸೌಹಾರ್ದದಿಂದ ಬದುಕಬೇಕು ಎಂದರು.
ಪ್ರಧಾನ ಉಪನ್ಯಾಸ ನೀಡಿದ ಡಾ. ಅಬ್ದುಲ್ ಸಲೀಂ, ಮಾತನಾಡಿ, ಶಾಂತಿಯೆಂಬುದು ಮಾನವೀಯ ಮೌಲ್ಯ. ಎಲ್ಲ ಧರ್ಮಗಳೂ ಶಾಂತಿಯನ್ನು ಸಾರುತ್ತವೆ. ಯುದ್ಧ ಮತ್ತು ಹಿಂಸೆಯಿಂದ ಮಾನವ ಕುಲಕ್ಕೆ ಒಳಿತಾಗದು. ಪರಸ್ಪರ ಗೌರವ, ಸಹಬಾಳ್ವೆಯೇ ಜಗತ್ತಿಗೆ ಬೇಕಾದ ಶಾಂತಿಯ ಮಂತ್ರ ಎಂದು ಹೇಳಿದರು. ಕಾರ್ಯಕ್ರಮದಲ್ಲಿ ವಿವಿಧ ಧರ್ಮಗಳ ಗುರುಗಳು, ಗಣ್ಯರು ಉಪಸ್ಥಿತರಿದ್ದರು. ವಿಶ್ವಶಾಂತಿಗಾಗಿ ವಿಶೇಷ ಪ್ರಾರ್ಥನೆ ನಡೆಯಿತು.
ಸಮಾರೋಪದಲ್ಲಿ ಸಾಹಿತಿ ಡಾ. ವೈದೇಹಿ, ಡಾ. ಗಣನಾಥ ಎಕ್ಕಾರು ಮಾತನಾಡಿದರು. ಶ್ರೀಗಳು ಭಗವದ್ಗೀತೆಯ ಪುಸ್ತಕಗಳನ್ನು ಬಿಡುಗಡೆಗೊಳಿಸಿದರು. ಪರ್ಯಾಯ ಮಠದ ದಿವಾನರು, ಮಠದ ವ್ಯವಸ್ಥಾಪಕರು ಹಾಗೂ ಭಕ್ತರು ಪಾಲ್ಗೊಂಡಿದ್ದರು. ಸ್ವಾಗತ, ನಿರೂಪಣೆ ಮತ್ತು ವಂದನಾರ್ಪಣೆಯೊಂದಿಗೆ ಸಮಾವೇಶ ಸಂಪನ್ನಗೊಂಡಿತು.
ಮತ್ತೂರ ಮೂಲದ ಸಂಸ್ಕಾರ ಅಂತ್ಯ
Hosadigantha Kannada Daily Printed & Published by P.S.Prakash on behalf of Jnanabharathi Prakashana Limited, published at : 2nd Floor, Micasa, Near KSRTC Bus stand, Bejai, Mangaluru - 575 004, Phone: 2497091 to 2497093. Fax : 2497098. RNI:29813/78,
Printed at Digantha Mudrana Ltd., D/No.5-184-185, Industrial Estate, Yeyyadi, Mangaluru - 575 008. . Editor: P.S.Prakash, Group Editor: Vinayak S. Bhat, Resident Editor : Prakash Ilanthila.
